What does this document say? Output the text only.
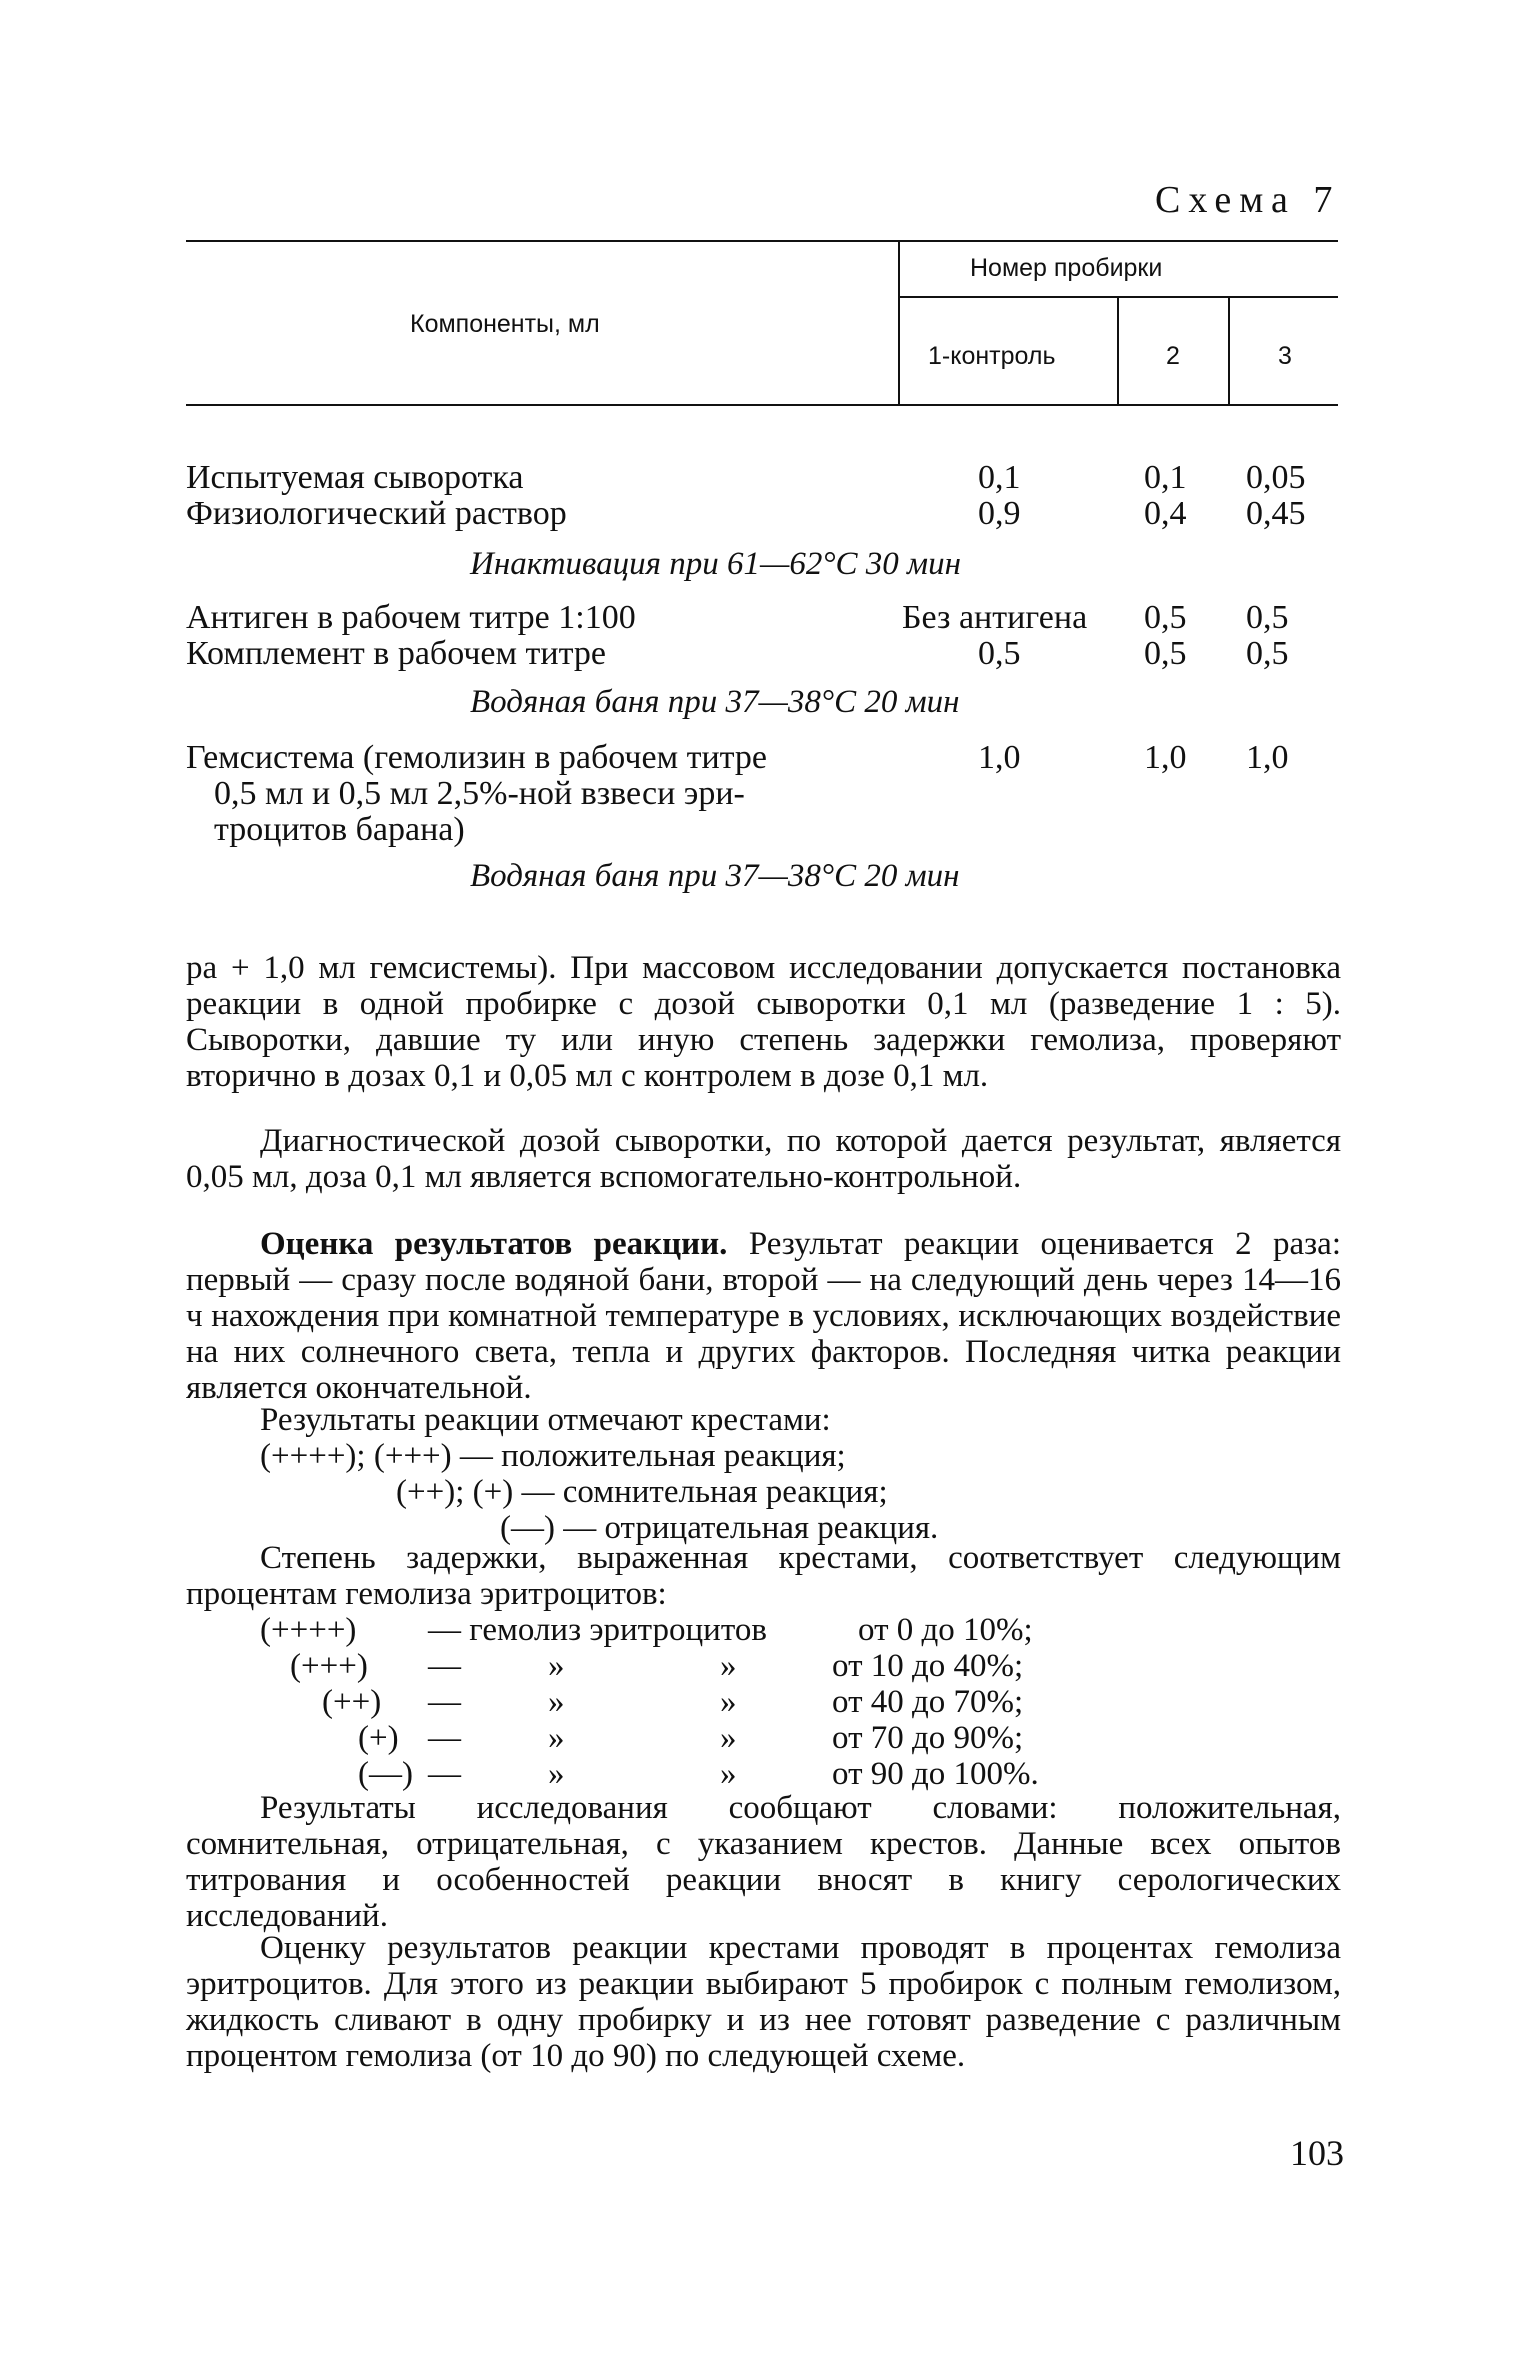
Схема 7
Компоненты, мл
Номер пробирки
1-контроль	2	3
Испытуемая сыворотка	0,1	0,1 0,05
Физиологический раствор	0,9	0,4 0,45
Инактивация при 61—62°С 30 мин
Антиген в рабочем титре 1:100	Без антигена 0,5 0,5
Комплемент в рабочем титре	0,5	0,5 0,5
Водяная баня при 37—38°С 20 мин
Гемсистема (гемолизин в рабочем титре
0,5 мл и 0,5 мл 2,5%-ной взвеси эри-
троцитов барана)
1,0	1,0 1,0
Водяная баня при 37—38°С 20 мин

ра + 1,0 мл гемсистемы). При массовом исследовании допускается постановка реакции в одной пробирке с дозой сыворотки 0,1 мл (разведение 1 : 5). Сыворотки, давшие ту или иную степень задержки гемолиза, проверяют вторично в дозах 0,1 и 0,05 мл с контролем в дозе 0,1 мл.

Диагностической дозой сыворотки, по которой дается результат, является 0,05 мл, доза 0,1 мл является вспомогательно-контрольной.

Оценка результатов реакции. Результат реакции оценивается 2 раза: первый — сразу после водяной бани, второй — на следующий день через 14—16 ч нахождения при комнатной температуре в условиях, исключающих воздействие на них солнечного света, тепла и других факторов. Последняя читка реакции является окончательной.

Результаты реакции отмечают крестами:
(++++); (+++) — положительная реакция;
(++); (+) — сомнительная реакция;
(—) — отрицательная реакция.

Степень задержки, выраженная крестами, соответствует следующим процентам гемолиза эритроцитов:

(++++) — гемолиз эритроцитов	от 0 до 10%;
(+++) —	»	»	от 10 до 40%;
(++) —	»	»	от 40 до 70%;
(+) —	»	»	от 70 до 90%;
(—) —	»	»	от 90 до 100%.

Результаты исследования сообщают словами: положительная, сомнительная, отрицательная, с указанием крестов. Данные всех опытов титрования и особенностей реакции вносят в книгу серологических исследований.

Оценку результатов реакции крестами проводят в процентах гемолиза эритроцитов. Для этого из реакции выбирают 5 пробирок с полным гемолизом, жидкость сливают в одну пробирку и из нее готовят разведение с различным процентом гемолиза (от 10 до 90) по следующей схеме.

103
